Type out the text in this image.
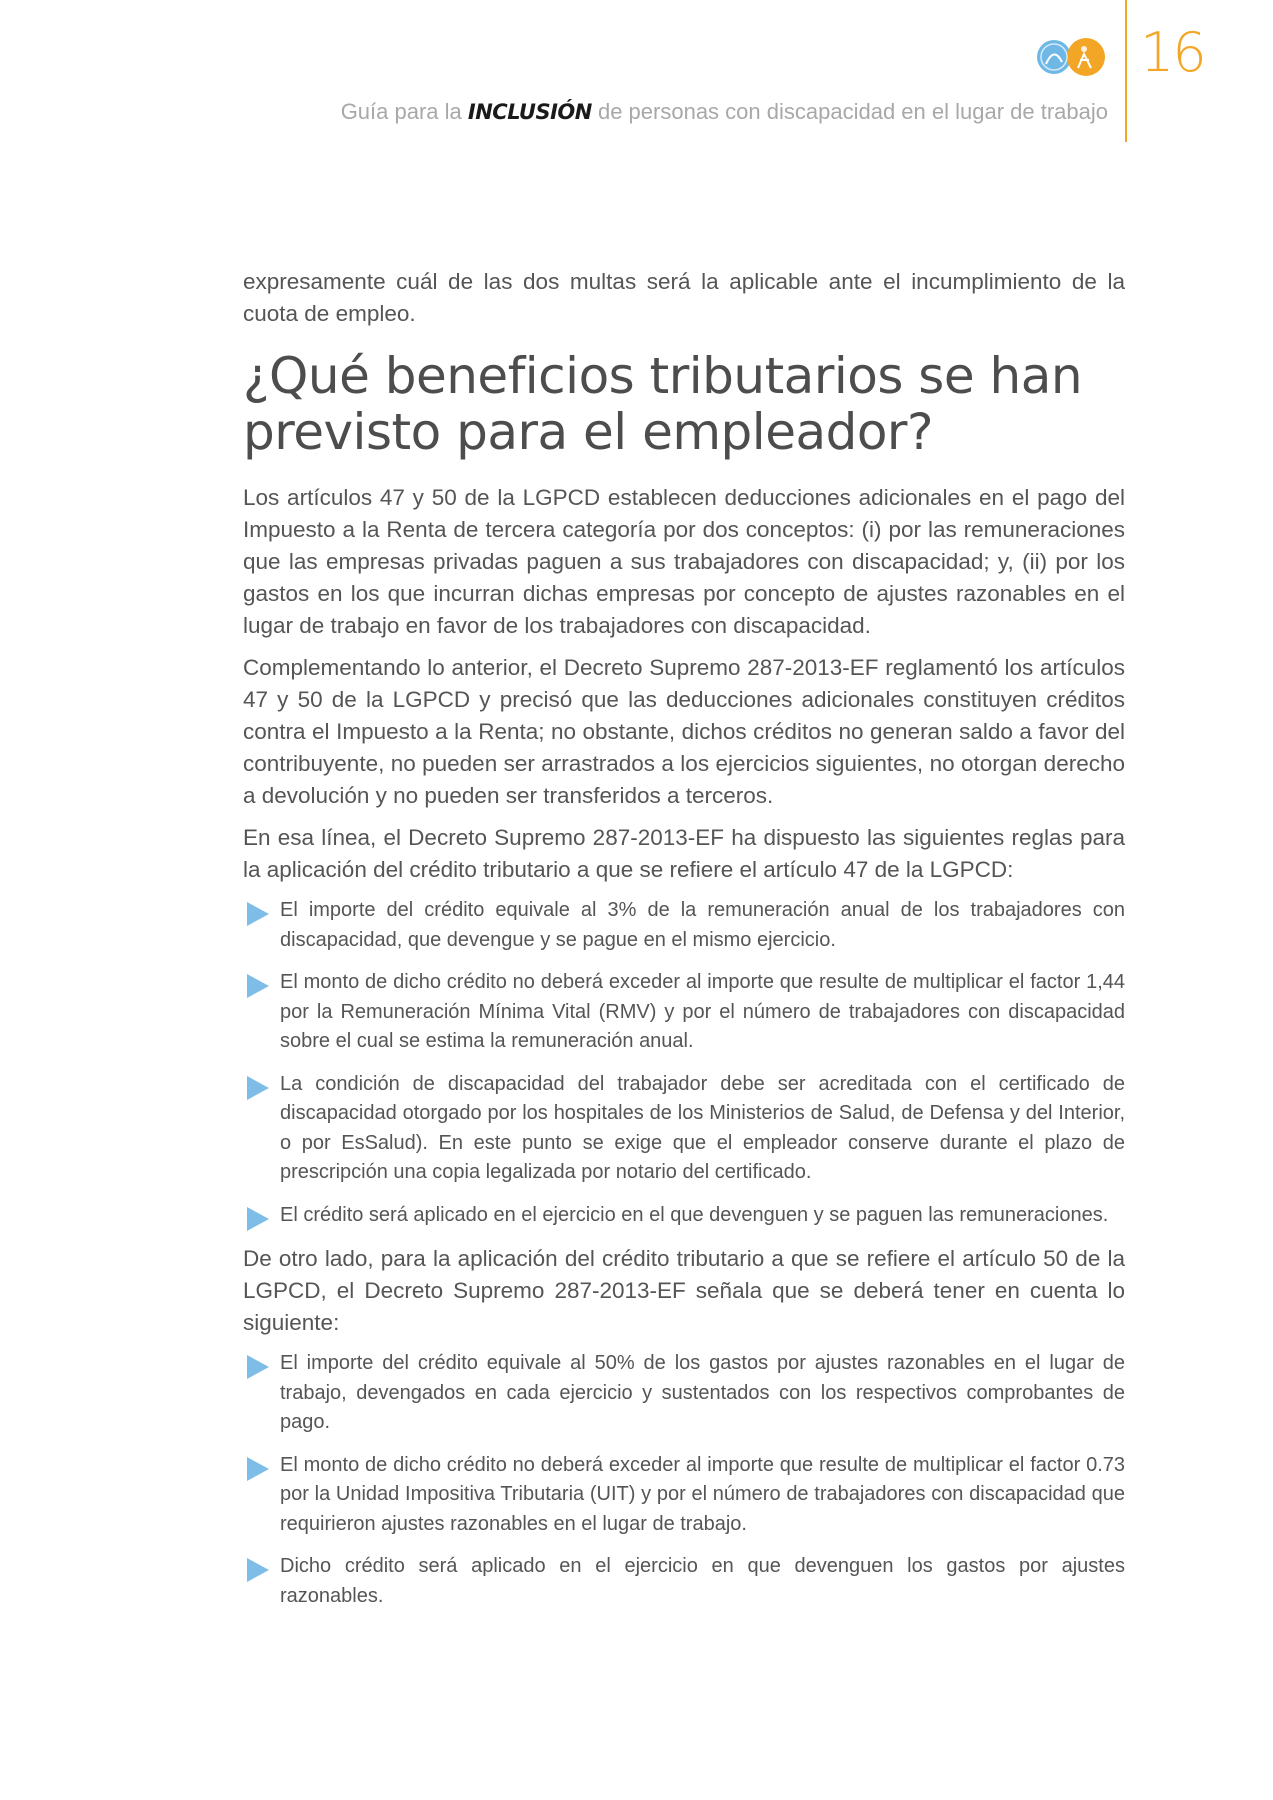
16
Guía para la INCLUSIÓN de personas con discapacidad en el lugar de trabajo

expresamente cuál de las dos multas será la aplicable ante el incumplimiento de la cuota de empleo.

¿Qué beneficios tributarios se han previsto para el empleador?

Los artículos 47 y 50 de la LGPCD establecen deducciones adicionales en el pago del Impuesto a la Renta de tercera categoría por dos conceptos: (i) por las remuneraciones que las empresas privadas paguen a sus trabajadores con discapacidad; y, (ii) por los gastos en los que incurran dichas empresas por concepto de ajustes razonables en el lugar de trabajo en favor de los trabajadores con discapacidad.

Complementando lo anterior, el Decreto Supremo 287-2013-EF reglamentó los artículos 47 y 50 de la LGPCD y precisó que las deducciones adicionales constituyen créditos contra el Impuesto a la Renta; no obstante, dichos créditos no generan saldo a favor del contribuyente, no pueden ser arrastrados a los ejercicios siguientes, no otorgan derecho a devolución y no pueden ser transferidos a terceros.

En esa línea, el Decreto Supremo 287-2013-EF ha dispuesto las siguientes reglas para la aplicación del crédito tributario a que se refiere el artículo 47 de la LGPCD:

El importe del crédito equivale al 3% de la remuneración anual de los trabajadores con discapacidad, que devengue y se pague en el mismo ejercicio.
El monto de dicho crédito no deberá exceder al importe que resulte de multiplicar el factor 1,44 por la Remuneración Mínima Vital (RMV) y por el número de trabajadores con discapacidad sobre el cual se estima la remuneración anual.
La condición de discapacidad del trabajador debe ser acreditada con el certificado de discapacidad otorgado por los hospitales de los Ministerios de Salud, de Defensa y del Interior, o por EsSalud). En este punto se exige que el empleador conserve durante el plazo de prescripción una copia legalizada por notario del certificado.
El crédito será aplicado en el ejercicio en el que devenguen y se paguen las remuneraciones.

De otro lado, para la aplicación del crédito tributario a que se refiere el artículo 50 de la LGPCD, el Decreto Supremo 287-2013-EF señala que se deberá tener en cuenta lo siguiente:

El importe del crédito equivale al 50% de los gastos por ajustes razonables en el lugar de trabajo, devengados en cada ejercicio y sustentados con los respectivos comprobantes de pago.
El monto de dicho crédito no deberá exceder al importe que resulte de multiplicar el factor 0.73 por la Unidad Impositiva Tributaria (UIT) y por el número de trabajadores con discapacidad que requirieron ajustes razonables en el lugar de trabajo.
Dicho crédito será aplicado en el ejercicio en que devenguen los gastos por ajustes razonables.
